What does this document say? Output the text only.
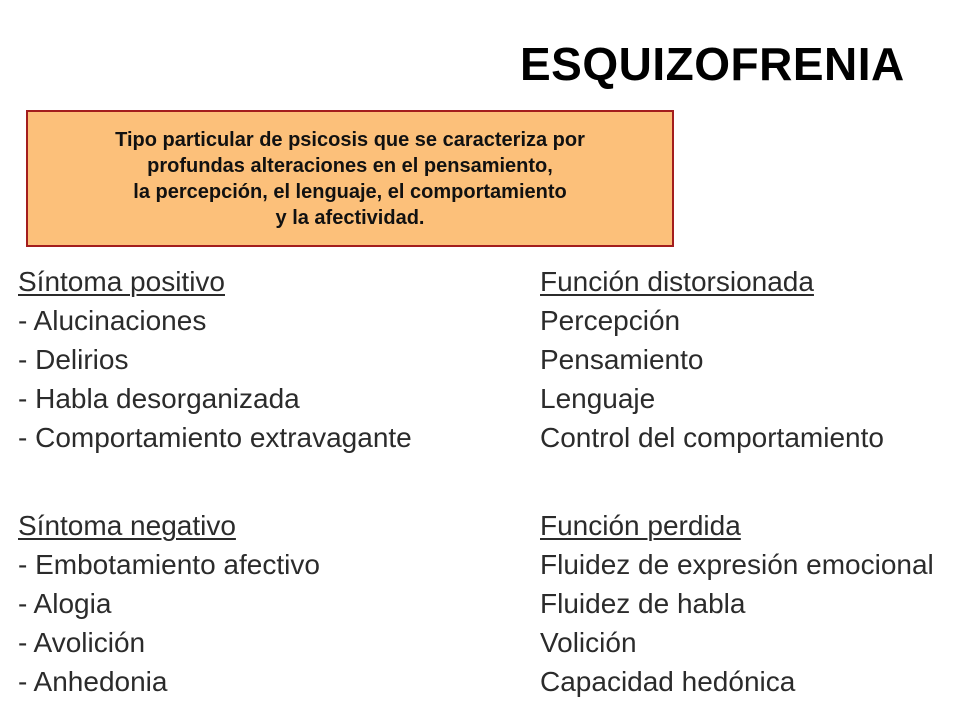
ESQUIZOFRENIA
Tipo particular de psicosis que se caracteriza por
profundas alteraciones en el pensamiento,
la percepción, el lenguaje, el comportamiento
y la afectividad.
Síntoma positivo
- Alucinaciones
- Delirios
- Habla desorganizada
- Comportamiento extravagante
Síntoma negativo
- Embotamiento afectivo
- Alogia
- Avolición
- Anhedonia
Función distorsionada
Percepción
Pensamiento
Lenguaje
Control del comportamiento
Función perdida
Fluidez de expresión emocional
Fluidez de habla
Volición
Capacidad hedónica
